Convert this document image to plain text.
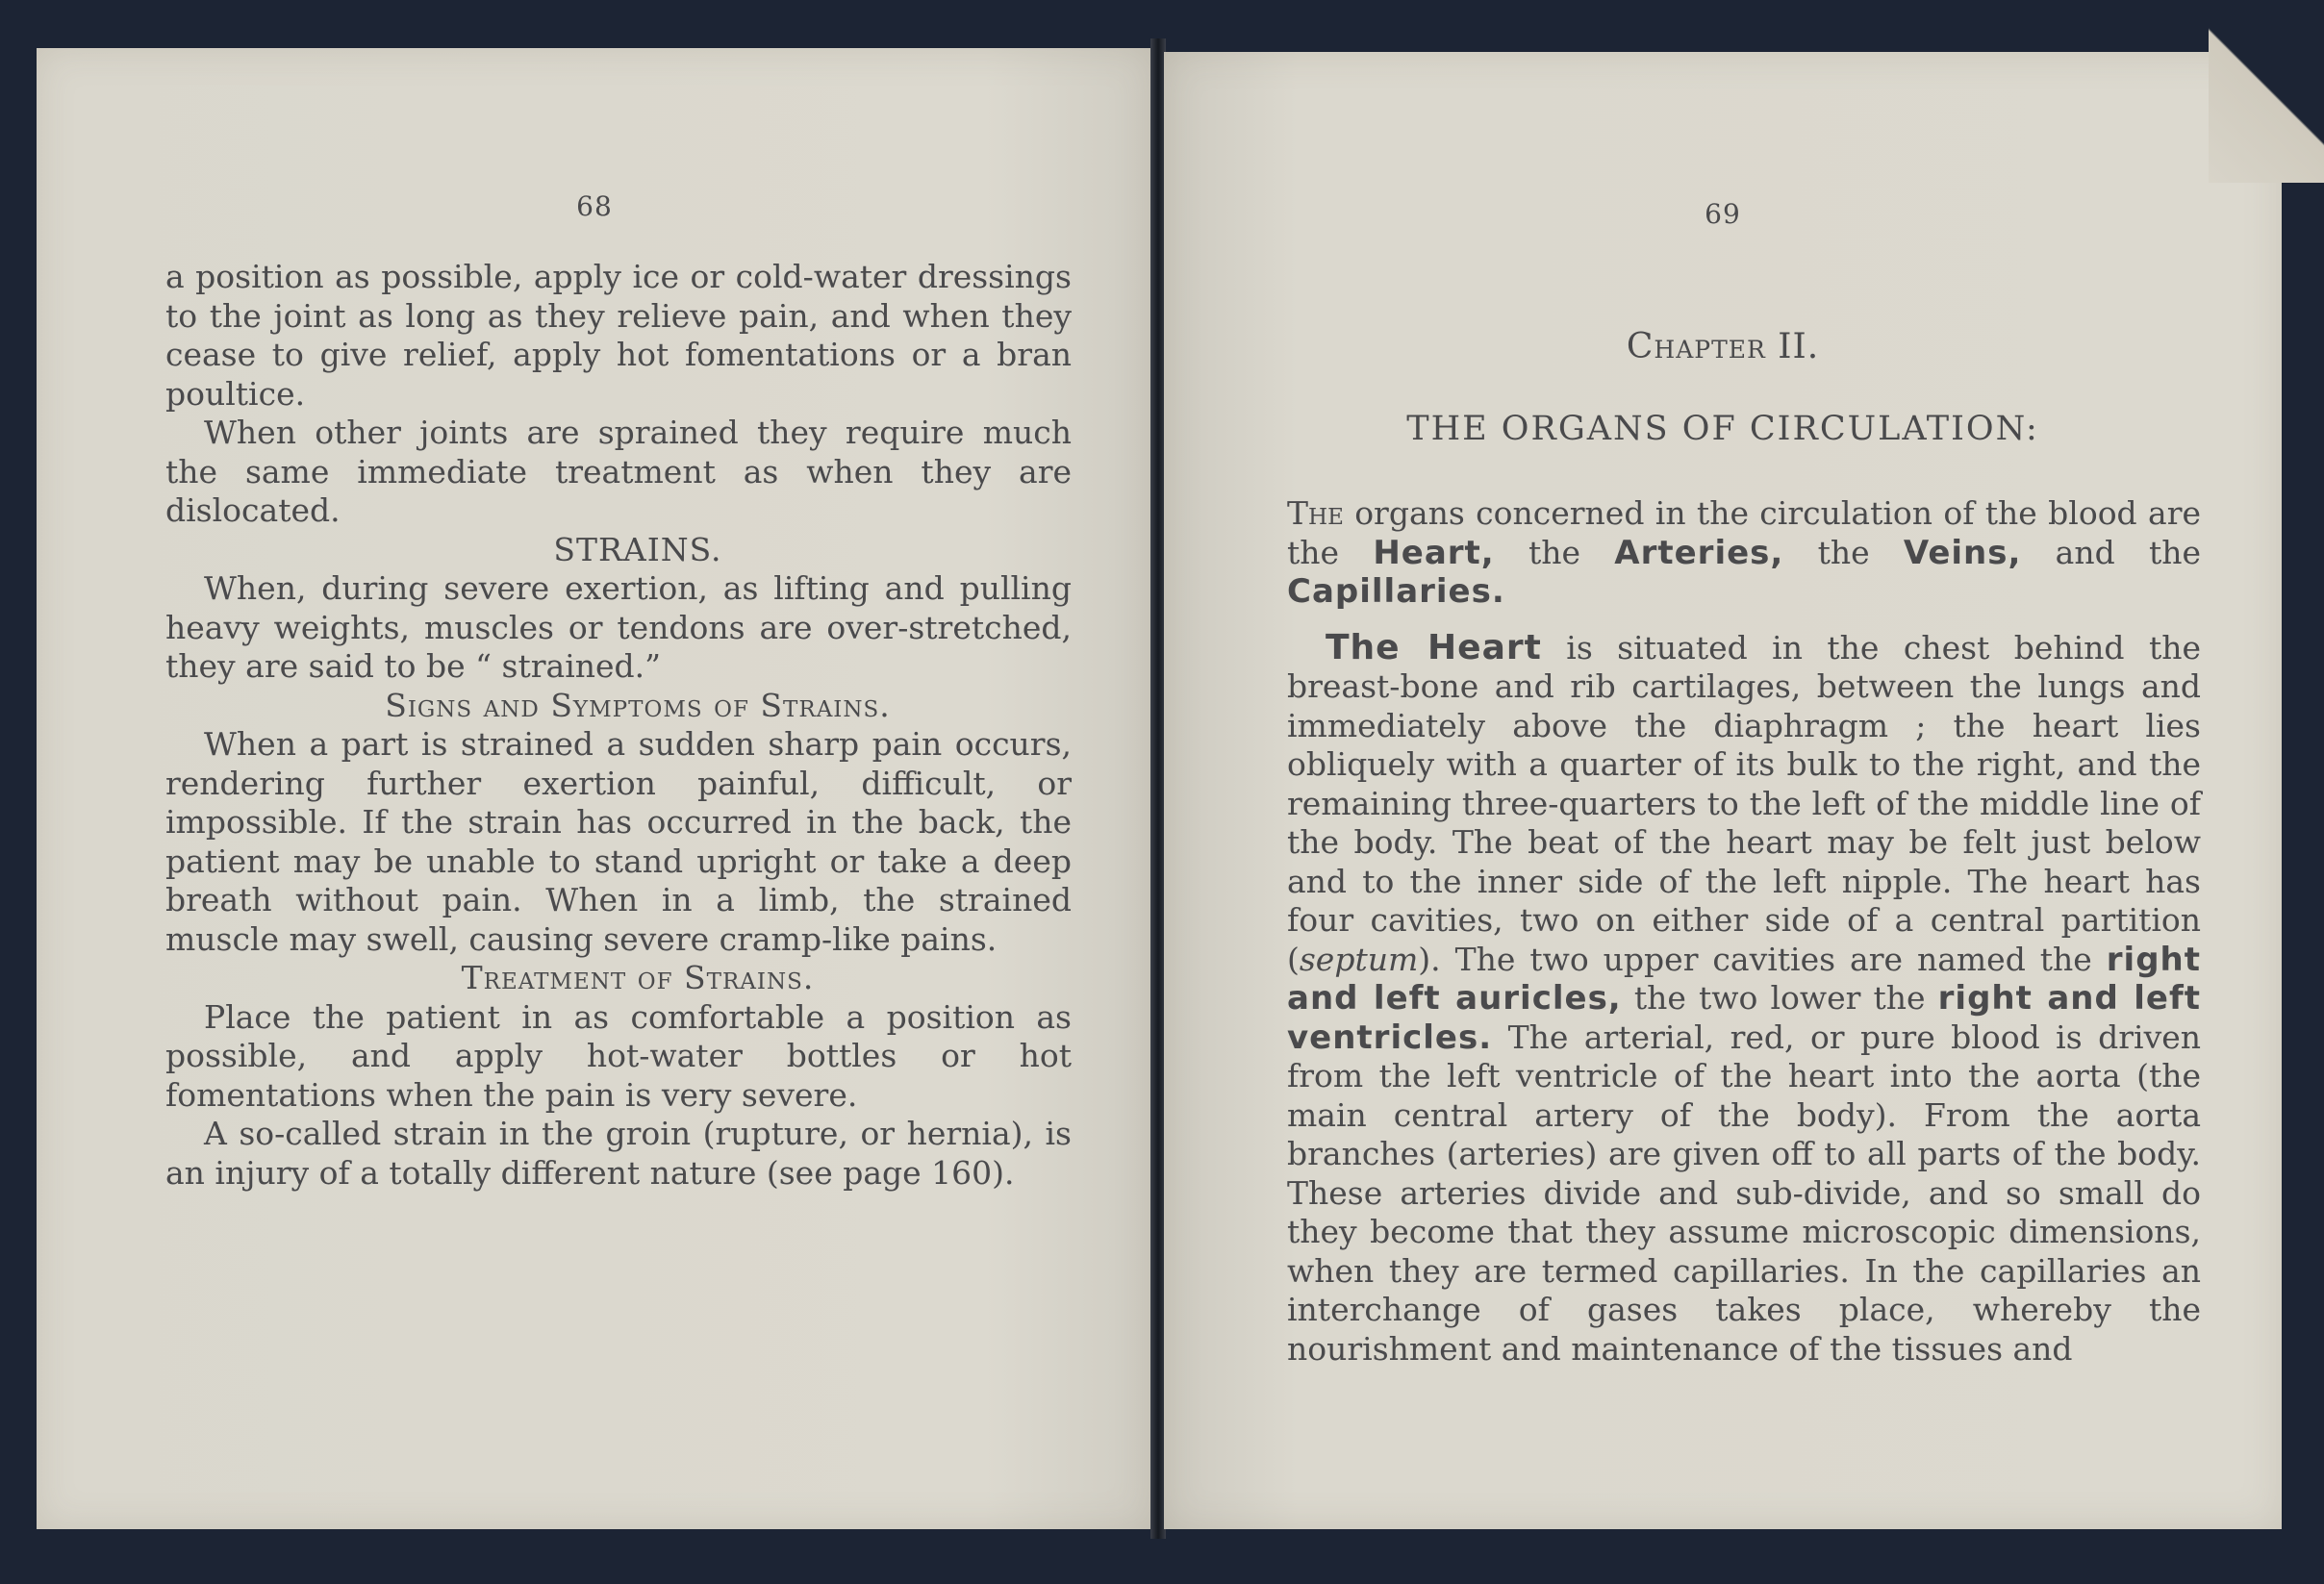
68

a position as possible, apply ice or cold-water dressings to the joint as long as they relieve pain, and when they cease to give relief, apply hot fomentations or a bran poultice.

When other joints are sprained they require much the same immediate treatment as when they are dislocated.

STRAINS.

When, during severe exertion, as lifting and pulling heavy weights, muscles or tendons are over-stretched, they are said to be “ strained.”

Signs and Symptoms of Strains.

When a part is strained a sudden sharp pain occurs, rendering further exertion painful, difficult, or impossible. If the strain has occurred in the back, the patient may be unable to stand upright or take a deep breath without pain. When in a limb, the strained muscle may swell, causing severe cramp-like pains.

Treatment of Strains.

Place the patient in as comfortable a position as possible, and apply hot-water bottles or hot fomentations when the pain is very severe.

A so-called strain in the groin (rupture, or hernia), is an injury of a totally different nature (see page 160).

69
Chapter II.
THE ORGANS OF CIRCULATION:

The organs concerned in the circulation of the blood are the Heart, the Arteries, the Veins, and the Capillaries.

The Heart is situated in the chest behind the breast-bone and rib cartilages, between the lungs and immediately above the diaphragm ; the heart lies obliquely with a quarter of its bulk to the right, and the remaining three-quarters to the left of the middle line of the body. The beat of the heart may be felt just below and to the inner side of the left nipple. The heart has four cavities, two on either side of a central partition (septum). The two upper cavities are named the right and left auricles, the two lower the right and left ventricles. The arterial, red, or pure blood is driven from the left ventricle of the heart into the aorta (the main central artery of the body). From the aorta branches (arteries) are given off to all parts of the body. These arteries divide and sub-divide, and so small do they become that they assume microscopic dimensions, when they are termed capillaries. In the capillaries an interchange of gases takes place, whereby the nourishment and maintenance of the tissues and
